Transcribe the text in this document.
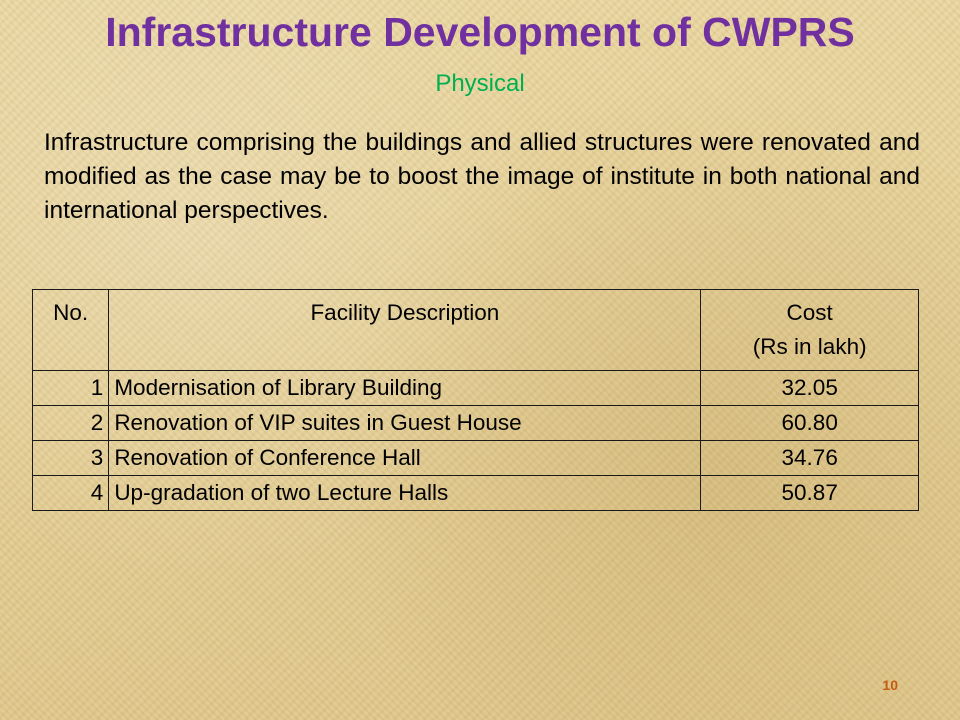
Infrastructure Development of CWPRS
Physical

Infrastructure comprising the buildings and allied structures were renovated and modified as the case may be to boost the image of institute in both national and international perspectives.

No.	Facility Description	Cost
(Rs in lakh)

1	Modernisation of Library Building	32.05
2	Renovation of VIP suites in Guest House	60.80
3	Renovation of Conference Hall	34.76
4	Up-gradation of two Lecture Halls	50.87
10
